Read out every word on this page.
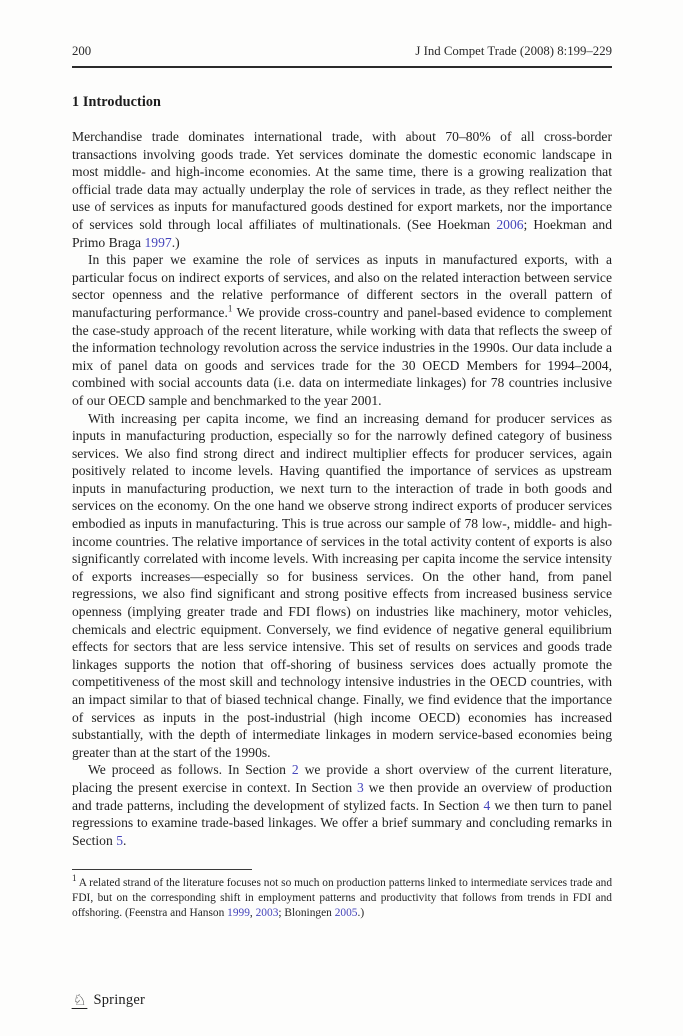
200	J Ind Compet Trade (2008) 8:199–229
1 Introduction

Merchandise trade dominates international trade, with about 70–80% of all cross-border transactions involving goods trade. Yet services dominate the domestic economic landscape in most middle- and high-income economies. At the same time, there is a growing realization that official trade data may actually underplay the role of services in trade, as they reflect neither the use of services as inputs for manufactured goods destined for export markets, nor the importance of services sold through local affiliates of multinationals. (See Hoekman 2006; Hoekman and Primo Braga 1997.)

In this paper we examine the role of services as inputs in manufactured exports, with a particular focus on indirect exports of services, and also on the related interaction between service sector openness and the relative performance of different sectors in the overall pattern of manufacturing performance.$^1$ We provide cross-country and panel-based evidence to complement the case-study approach of the recent literature, while working with data that reflects the sweep of the information technology revolution across the service industries in the 1990s. Our data include a mix of panel data on goods and services trade for the 30 OECD Members for 1994–2004, combined with social accounts data (i.e. data on intermediate linkages) for 78 countries inclusive of our OECD sample and benchmarked to the year 2001.

With increasing per capita income, we find an increasing demand for producer services as inputs in manufacturing production, especially so for the narrowly defined category of business services. We also find strong direct and indirect multiplier effects for producer services, again positively related to income levels. Having quantified the importance of services as upstream inputs in manufacturing production, we next turn to the interaction of trade in both goods and services on the economy. On the one hand we observe strong indirect exports of producer services embodied as inputs in manufacturing. This is true across our sample of 78 low-, middle- and high-income countries. The relative importance of services in the total activity content of exports is also significantly correlated with income levels. With increasing per capita income the service intensity of exports increases—especially so for business services. On the other hand, from panel regressions, we also find significant and strong positive effects from increased business service openness (implying greater trade and FDI flows) on industries like machinery, motor vehicles, chemicals and electric equipment. Conversely, we find evidence of negative general equilibrium effects for sectors that are less service intensive. This set of results on services and goods trade linkages supports the notion that off-shoring of business services does actually promote the competitiveness of the most skill and technology intensive industries in the OECD countries, with an impact similar to that of biased technical change. Finally, we find evidence that the importance of services as inputs in the post-industrial (high income OECD) economies has increased substantially, with the depth of intermediate linkages in modern service-based economies being greater than at the start of the 1990s.

We proceed as follows. In Section 2 we provide a short overview of the current literature, placing the present exercise in context. In Section 3 we then provide an overview of production and trade patterns, including the development of stylized facts. In Section 4 we then turn to panel regressions to examine trade-based linkages. We offer a brief summary and concluding remarks in Section 5.

$^1$ A related strand of the literature focuses not so much on production patterns linked to intermediate services trade and FDI, but on the corresponding shift in employment patterns and productivity that follows from trends in FDI and offshoring. (Feenstra and Hanson 1999, 2003; Bloningen 2005.)
♘ Springer
